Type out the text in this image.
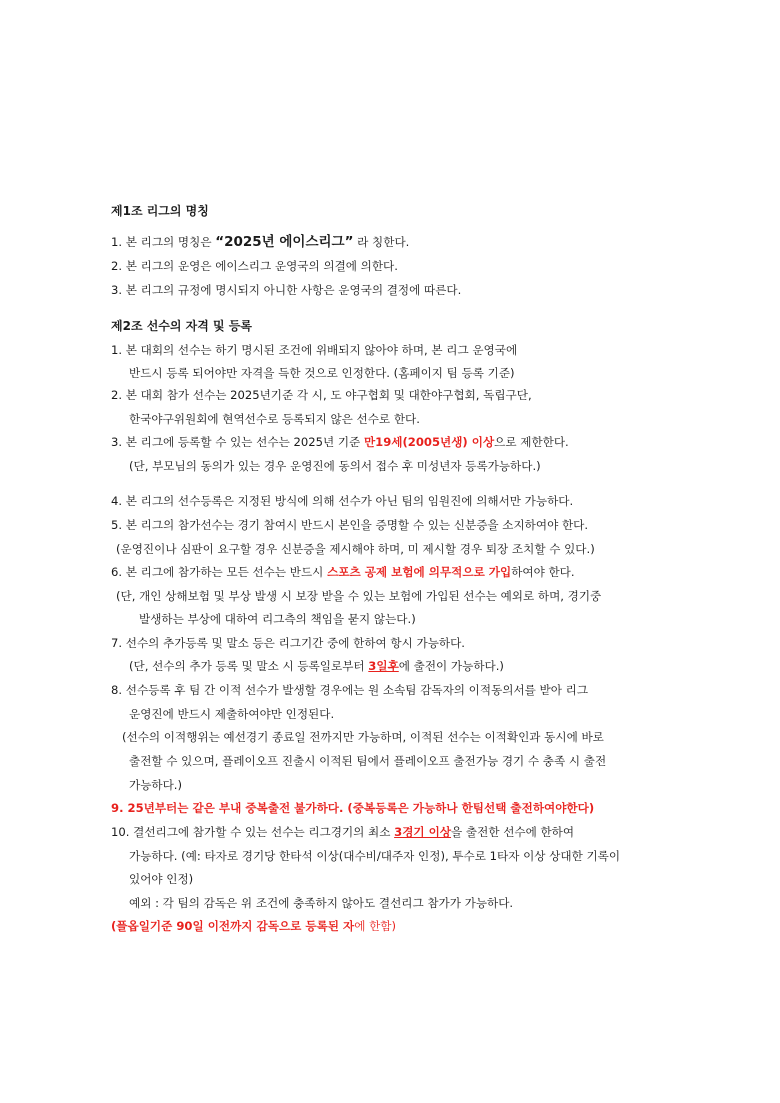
제1조 리그의 명칭
1. 본 리그의 명칭은 “2025년 에이스리그” 라 칭한다.
2. 본 리그의 운영은 에이스리그 운영국의 의결에 의한다.
3. 본 리그의 규정에 명시되지 아니한 사항은 운영국의 결정에 따른다.
제2조 선수의 자격 및 등록
1. 본 대회의 선수는 하기 명시된 조건에 위배되지 않아야 하며, 본 리그 운영국에
반드시 등록 되어야만 자격을 득한 것으로 인정한다. (홈페이지 팀 등록 기준)
2. 본 대회 참가 선수는 2025년기준 각 시, 도 야구협회 및 대한야구협회, 독립구단,
한국야구위원회에 현역선수로 등록되지 않은 선수로 한다.
3. 본 리그에 등록할 수 있는 선수는 2025년 기준 만19세(2005년생) 이상으로 제한한다.
(단, 부모님의 동의가 있는 경우 운영진에 동의서 접수 후 미성년자 등록가능하다.)
4. 본 리그의 선수등록은 지정된 방식에 의해 선수가 아닌 팀의 임원진에 의해서만 가능하다.
5. 본 리그의 참가선수는 경기 참여시 반드시 본인을 증명할 수 있는 신분증을 소지하여야 한다.
(운영진이나 심판이 요구할 경우 신분증을 제시해야 하며, 미 제시할 경우 퇴장 조치할 수 있다.)
6. 본 리그에 참가하는 모든 선수는 반드시 스포츠 공제 보험에 의무적으로 가입하여야 한다.
(단, 개인 상해보험 및 부상 발생 시 보장 받을 수 있는 보험에 가입된 선수는 예외로 하며, 경기중
발생하는 부상에 대하여 리그측의 책임을 묻지 않는다.)
7. 선수의 추가등록 및 말소 등은 리그기간 중에 한하여 항시 가능하다.
(단, 선수의 추가 등록 및 말소 시 등록일로부터 3일후에 출전이 가능하다.)
8. 선수등록 후 팀 간 이적 선수가 발생할 경우에는 원 소속팀 감독자의 이적동의서를 받아 리그
운영진에 반드시 제출하여야만 인정된다.
(선수의 이적행위는 예선경기 종료일 전까지만 가능하며, 이적된 선수는 이적확인과 동시에 바로
출전할 수 있으며, 플레이오프 진출시 이적된 팀에서 플레이오프 출전가능 경기 수 충족 시 출전
가능하다.)
9. 25년부터는 같은 부내 중복출전 불가하다. (중복등록은 가능하나 한팀선택 출전하여야한다)
10. 결선리그에 참가할 수 있는 선수는 리그경기의 최소 3경기 이상을 출전한 선수에 한하여
가능하다. (예: 타자로 경기당 한타석 이상(대수비/대주자 인정), 투수로 1타자 이상 상대한 기록이
있어야 인정)
예외 : 각 팀의 감독은 위 조건에 충족하지 않아도 결선리그 참가가 가능하다.
(플옵일기준 90일 이전까지 감독으로 등록된 자에 한함)
